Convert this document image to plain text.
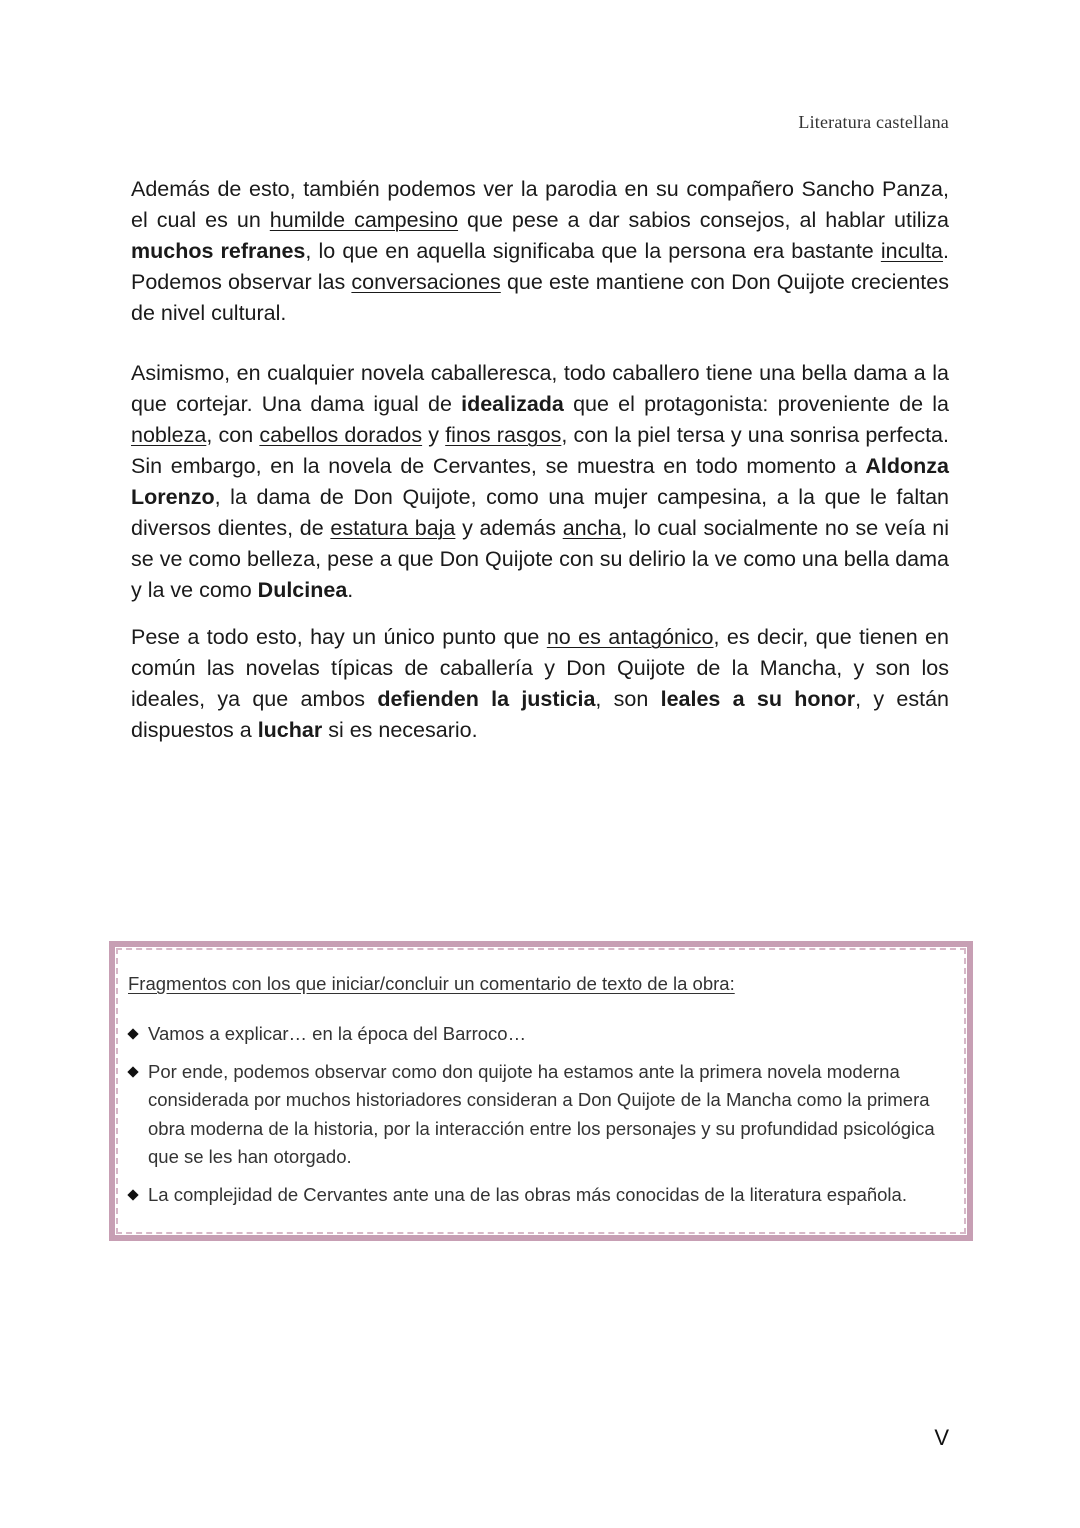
Literatura castellana

Además de esto, también podemos ver la parodia en su compañero Sancho Panza, el cual es un humilde campesino que pese a dar sabios consejos, al hablar utiliza muchos refranes, lo que en aquella significaba que la persona era bastante inculta. Podemos observar las conversaciones que este mantiene con Don Quijote crecientes de nivel cultural.

Asimismo, en cualquier novela caballeresca, todo caballero tiene una bella dama a la que cortejar. Una dama igual de idealizada que el protagonista: proveniente de la nobleza, con cabellos dorados y finos rasgos, con la piel tersa y una sonrisa perfecta. Sin embargo, en la novela de Cervantes, se muestra en todo momento a Aldonza Lorenzo, la dama de Don Quijote, como una mujer campesina, a la que le faltan diversos dientes, de estatura baja y además ancha, lo cual socialmente no se veía ni se ve como belleza, pese a que Don Quijote con su delirio la ve como una bella dama y la ve como Dulcinea.

Pese a todo esto, hay un único punto que no es antagónico, es decir, que tienen en común las novelas típicas de caballería y Don Quijote de la Mancha, y son los ideales, ya que ambos defienden la justicia, son leales a su honor, y están dispuestos a luchar si es necesario.

Fragmentos con los que iniciar/concluir un comentario de texto de la obra:
Vamos a explicar… en la época del Barroco…
Por ende, podemos observar como don quijote ha estamos ante la primera novela moderna considerada por muchos historiadores consideran a Don Quijote de la Mancha como la primera obra moderna de la historia, por la interacción entre los personajes y su profundidad psicológica que se les han otorgado.
La complejidad de Cervantes ante una de las obras más conocidas de la literatura española.
V
